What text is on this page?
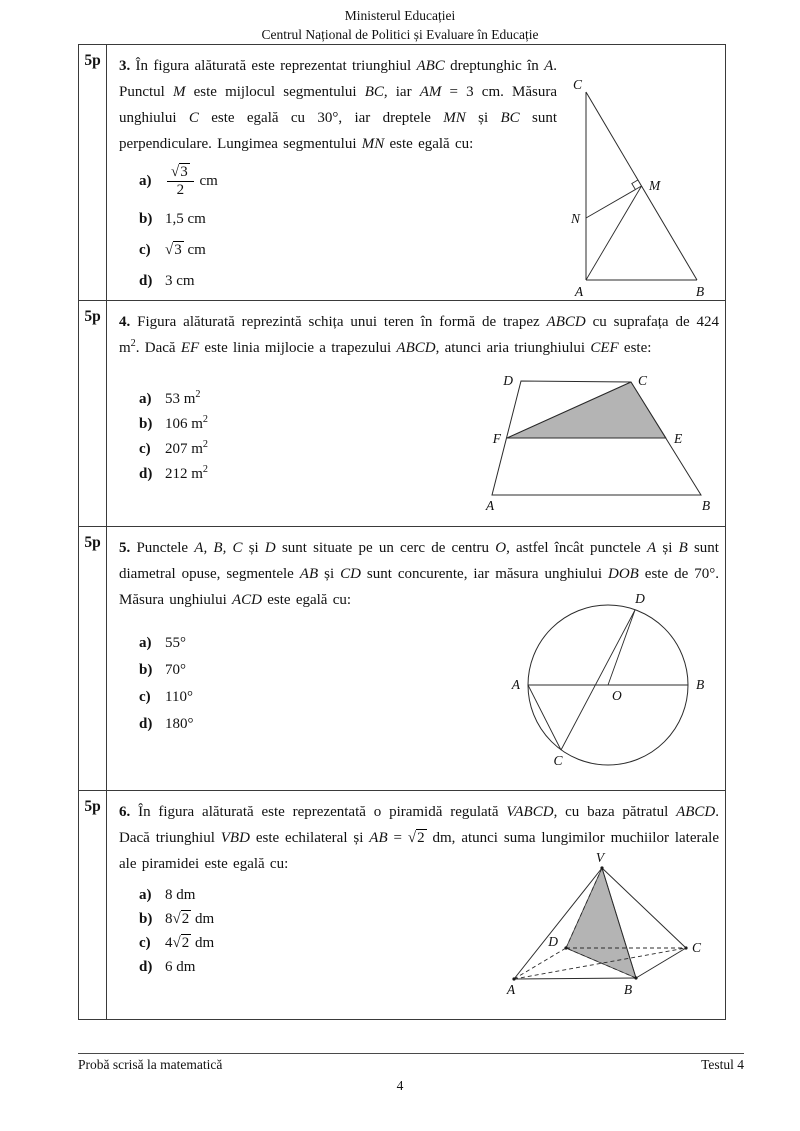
Ministerul Educației
Centrul Național de Politici și Evaluare în Educație
5p
C
M
N
A	B

3. În figura alăturată este reprezentat triunghiul ABC dreptunghic în A. Punctul M este mijlocul segmentului BC, iar AM = 3 cm. Măsura unghiului C este egală cu 30°, iar dreptele MN și BC sunt perpendiculare. Lungimea segmentului MN este egală cu:

a)	$\frac{√3}{2}$ cm
b) 1,5 cm
c) √3 cm
d) 3 cm
5p	4. Figura alăturată reprezintă schița unui teren în formă de trapez ABCD cu suprafața de 424 $m^2$. Dacă EF este linia mijlocie a trapezului ABCD, atunci aria triunghiului CEF este:

a) 53 $m^2$
b) 106 $m^2$
c) 207 $m^2$
d) 212 $m^2$
D	C
F	E
A	B
5p	5. Punctele A, B, C și D sunt situate pe un cerc de centru O, astfel încât punctele A și B sunt diametral opuse, segmentele AB și CD sunt concurente, iar măsura unghiului DOB este de 70°. Măsura unghiului ACD este egală cu:

a) 55°
b) 70°
c) 110°
d) 180°
D
A	B
O
C
5p	6. În figura alăturată este reprezentată o piramidă regulată VABCD, cu baza pătratul ABCD. Dacă triunghiul VBD este echilateral și AB = √2 dm, atunci suma lungimilor muchiilor laterale ale piramidei este egală cu:

a) 8 dm
b) 8√2 dm
c) 4√2 dm
d) 6 dm
V
D	C
A	B
Probă scrisă la matematică	Testul 4
4
